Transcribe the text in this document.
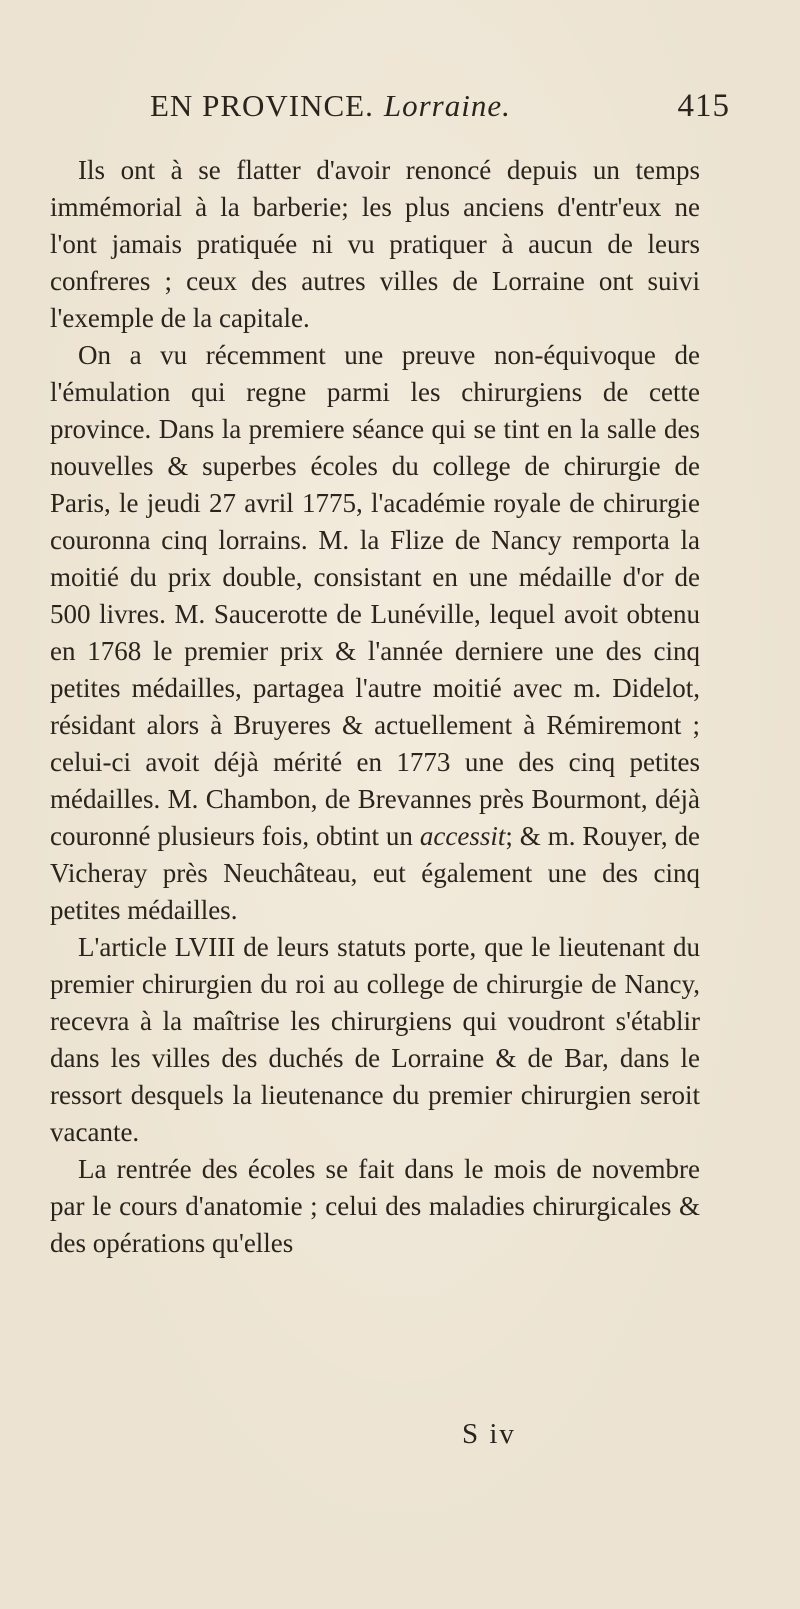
EN PROVINCE. Lorraine.	415

Ils ont à se flatter d'avoir renoncé depuis un temps immémorial à la barberie; les plus anciens d'entr'eux ne l'ont jamais pratiquée ni vu pratiquer à aucun de leurs confreres ; ceux des autres villes de Lorraine ont suivi l'exemple de la capitale.

On a vu récemment une preuve non-équivoque de l'émulation qui regne parmi les chirurgiens de cette province. Dans la premiere séance qui se tint en la salle des nouvelles & superbes écoles du college de chirurgie de Paris, le jeudi 27 avril 1775, l'académie royale de chirurgie couronna cinq lorrains. M. la Flize de Nancy remporta la moitié du prix double, consistant en une médaille d'or de 500 livres. M. Saucerotte de Lunéville, lequel avoit obtenu en 1768 le premier prix & l'année derniere une des cinq petites médailles, partagea l'autre moitié avec m. Didelot, résidant alors à Bruyeres & actuellement à Rémiremont ; celui-ci avoit déjà mérité en 1773 une des cinq petites médailles. M. Chambon, de Brevannes près Bourmont, déjà couronné plusieurs fois, obtint un accessit; & m. Rouyer, de Vicheray près Neuchâteau, eut également une des cinq petites médailles.

L'article LVIII de leurs statuts porte, que le lieutenant du premier chirurgien du roi au college de chirurgie de Nancy, recevra à la maîtrise les chirurgiens qui voudront s'établir dans les villes des duchés de Lorraine & de Bar, dans le ressort desquels la lieutenance du premier chirurgien seroit vacante.

La rentrée des écoles se fait dans le mois de novembre par le cours d'anatomie ; celui des maladies chirurgicales & des opérations qu'elles

S iv
